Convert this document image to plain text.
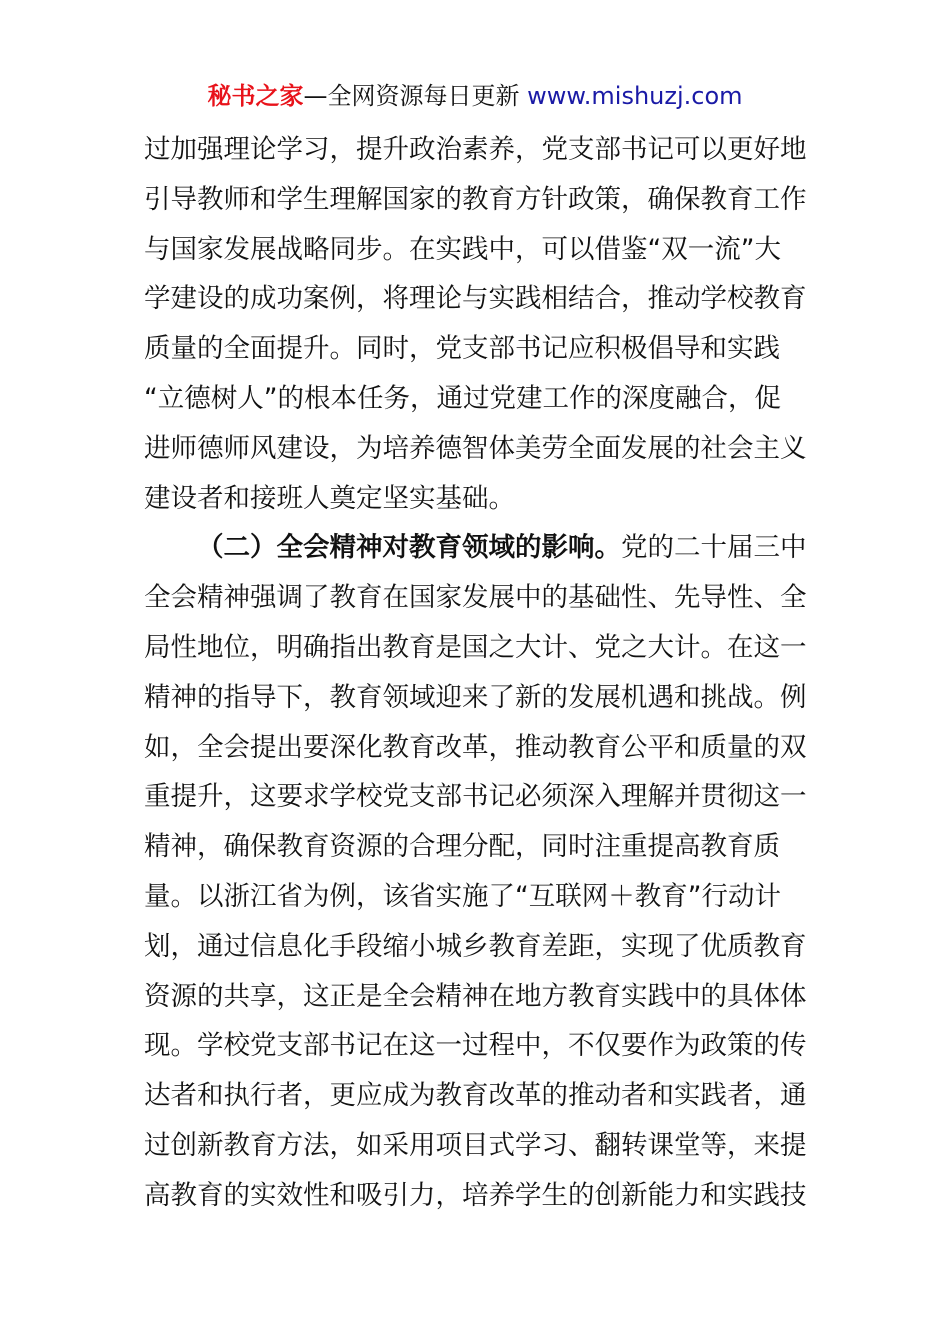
秘书之家—全网资源每日更新 www.mishuzj.com
过加强理论学习，提升政治素养，党支部书记可以更好地
引导教师和学生理解国家的教育方针政策，确保教育工作
与国家发展战略同步。在实践中，可以借鉴“双一流”大
学建设的成功案例，将理论与实践相结合，推动学校教育
质量的全面提升。同时，党支部书记应积极倡导和实践
“立德树人”的根本任务，通过党建工作的深度融合，促
进师德师风建设，为培养德智体美劳全面发展的社会主义
建设者和接班人奠定坚实基础。
（二）全会精神对教育领域的影响。党的二十届三中
全会精神强调了教育在国家发展中的基础性、先导性、全
局性地位，明确指出教育是国之大计、党之大计。在这一
精神的指导下，教育领域迎来了新的发展机遇和挑战。例
如，全会提出要深化教育改革，推动教育公平和质量的双
重提升，这要求学校党支部书记必须深入理解并贯彻这一
精神，确保教育资源的合理分配，同时注重提高教育质
量。以浙江省为例，该省实施了“互联网＋教育”行动计
划，通过信息化手段缩小城乡教育差距，实现了优质教育
资源的共享，这正是全会精神在地方教育实践中的具体体
现。学校党支部书记在这一过程中，不仅要作为政策的传
达者和执行者，更应成为教育改革的推动者和实践者，通
过创新教育方法，如采用项目式学习、翻转课堂等，来提
高教育的实效性和吸引力，培养学生的创新能力和实践技
